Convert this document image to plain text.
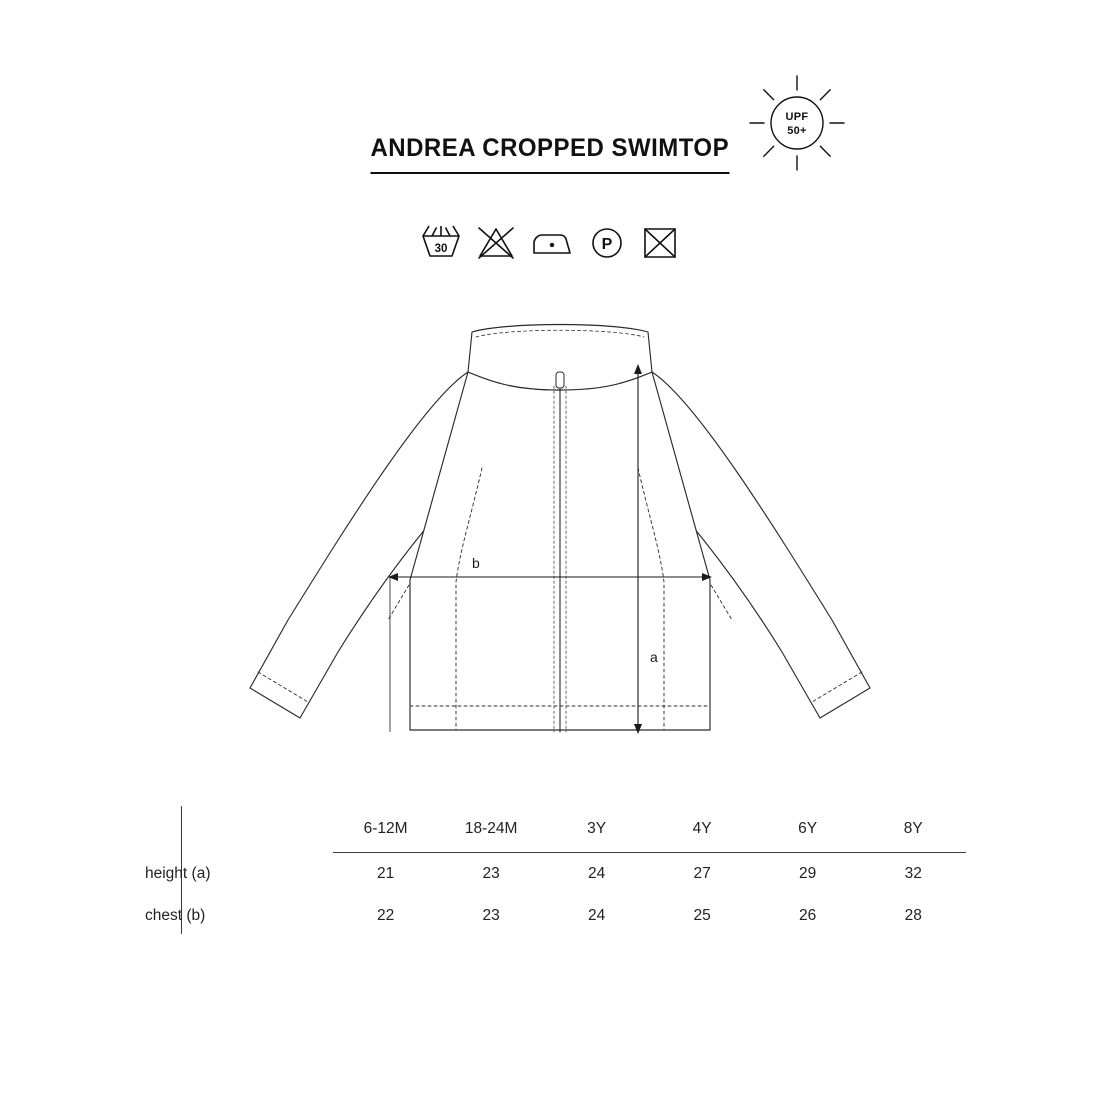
UPF
50+
ANDREA CROPPED SWIMTOP
30	P
a
b
	6-12M	18-24M	3Y	4Y	6Y	8Y
height (a)	21	23	24	27	29	32
chest (b)	22	23	24	25	26	28
